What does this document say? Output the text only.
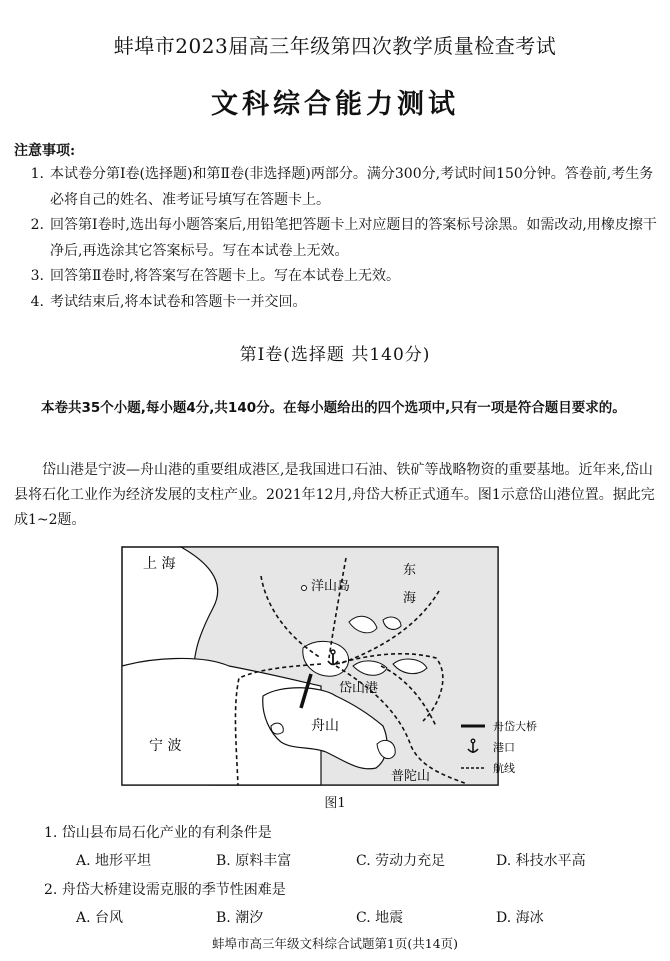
蚌埠市2023届高三年级第四次教学质量检查考试
文科综合能力测试
注意事项:
1. 本试卷分第Ⅰ卷(选择题)和第Ⅱ卷(非选择题)两部分。满分300分,考试时间150分钟。答卷前,考生务必将自己的姓名、准考证号填写在答题卡上。
2. 回答第Ⅰ卷时,选出每小题答案后,用铅笔把答题卡上对应题目的答案标号涂黑。如需改动,用橡皮擦干净后,再选涂其它答案标号。写在本试卷上无效。
3. 回答第Ⅱ卷时,将答案写在答题卡上。写在本试卷上无效。
4. 考试结束后,将本试卷和答题卡一并交回。
第Ⅰ卷(选择题 共140分)
本卷共35个小题,每小题4分,共140分。在每小题给出的四个选项中,只有一项是符合题目要求的。
岱山港是宁波—舟山港的重要组成港区,是我国进口石油、铁矿等战略物资的重要基地。近年来,岱山县将石化工业作为经济发展的支柱产业。2021年12月,舟岱大桥正式通车。图1示意岱山港位置。据此完成1~2题。
上 海
洋山岛
东
海
岱山港
舟山
宁 波
普陀山
舟岱大桥
港口
航线
图1
1. 岱山县布局石化产业的有利条件是
A. 地形平坦	B. 原料丰富	C. 劳动力充足	D. 科技水平高
2. 舟岱大桥建设需克服的季节性困难是
A. 台风	B. 潮汐	C. 地震	D. 海冰
蚌埠市高三年级文科综合试题第1页(共14页)
